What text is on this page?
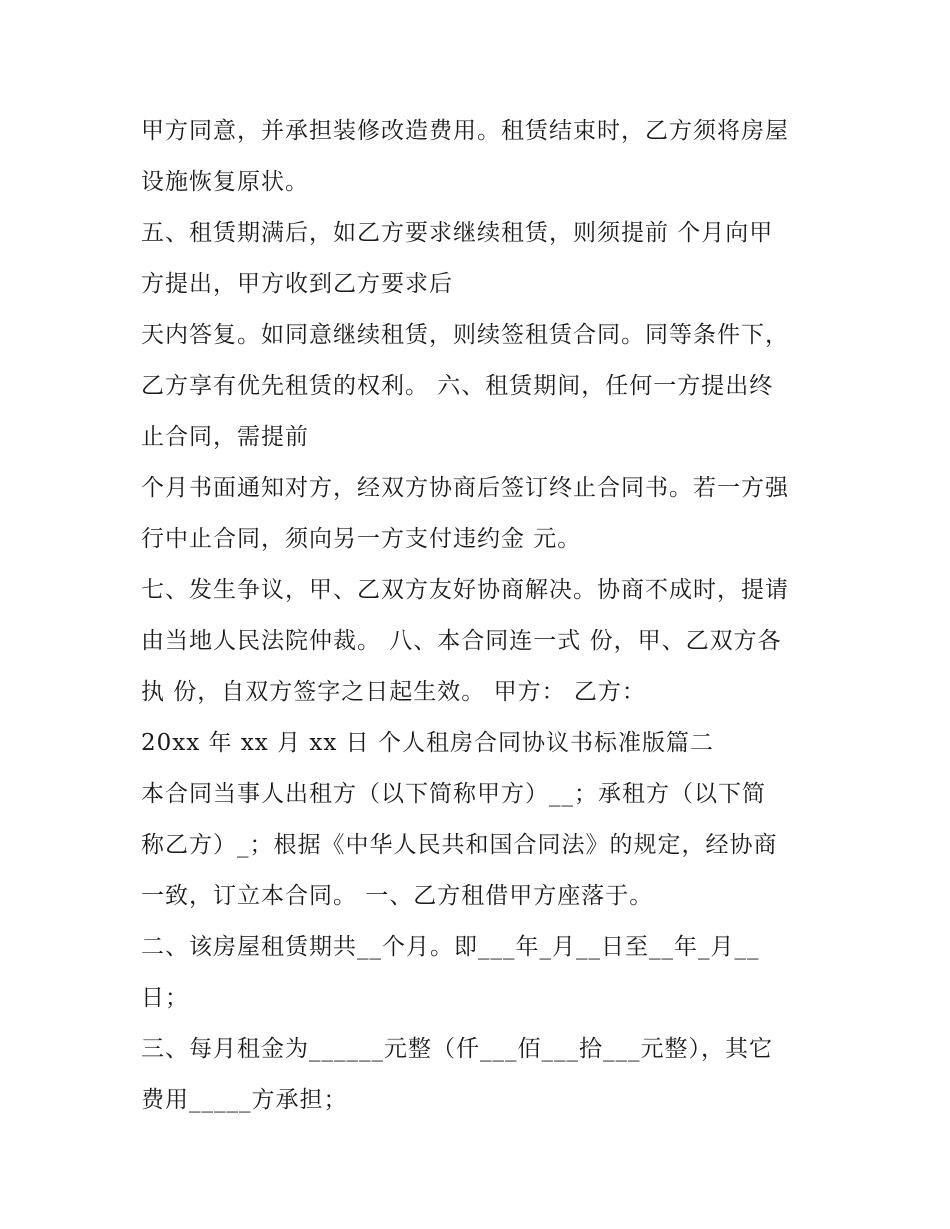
甲方同意，并承担装修改造费用。租赁结束时，乙方须将房屋
设施恢复原状。
五、租赁期满后，如乙方要求继续租赁，则须提前 个月向甲
方提出，甲方收到乙方要求后
天内答复。如同意继续租赁，则续签租赁合同。同等条件下，
乙方享有优先租赁的权利。 六、租赁期间，任何一方提出终
止合同，需提前
个月书面通知对方，经双方协商后签订终止合同书。若一方强
行中止合同，须向另一方支付违约金 元。
七、发生争议，甲、乙双方友好协商解决。协商不成时，提请
由当地人民法院仲裁。 八、本合同连一式 份，甲、乙双方各
执 份，自双方签字之日起生效。 甲方： 乙方：
20xx 年 xx 月 xx 日 个人租房合同协议书标准版篇二
本合同当事人出租方（以下简称甲方）__；承租方（以下简
称乙方）_；根据《中华人民共和国合同法》的规定，经协商
一致，订立本合同。 一、乙方租借甲方座落于。
二、该房屋租赁期共__个月。即___年_月__日至__年_月__
日；
三、每月租金为______元整（仟___佰___拾___元整），其它
费用_____方承担；
